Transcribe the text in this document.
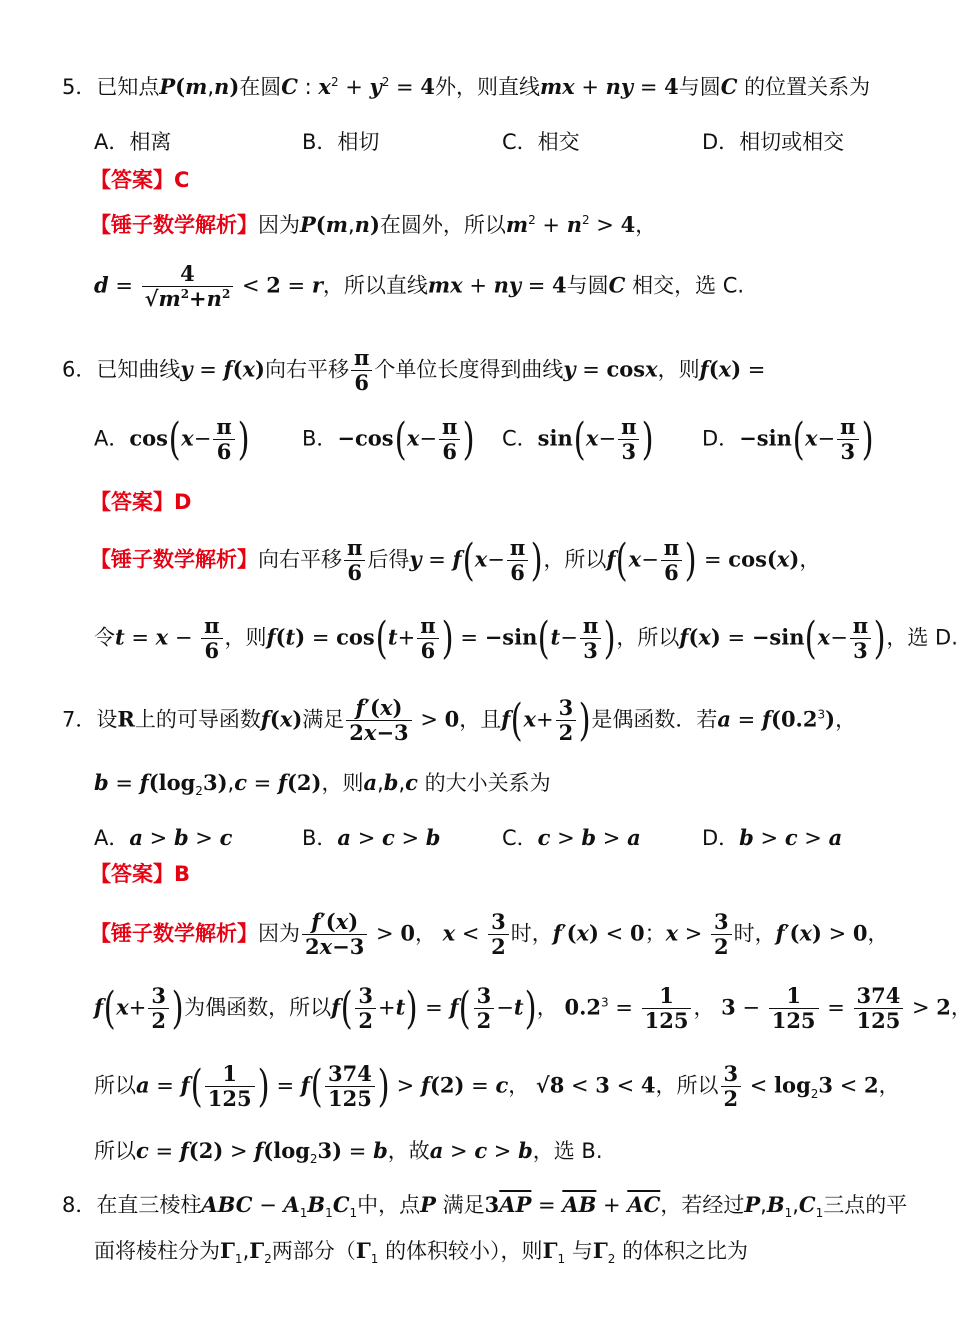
5．已知点P(m,n)在圆C : $x^2 + y^2 = 4$外，则直线mx + ny = 4与圆C 的位置关系为
A．相离	B．相切	C．相交	D．相切或相交
【答案】C
【锤子数学解析】因为P(m,n)在圆外，所以$m^2 + n^2 > 4$，
$d = \frac{4}{√m^2+n^2} < 2 = r$，所以直线mx + ny = 4与圆C 相交，选 C.
6．已知曲线y = f(x)向右平移 $\frac{\pi}{6}$ 个单位长度得到曲线y = cosx，则f(x) =
A．$\cos(x- \frac{\pi}{6}$ )	B．$-\cos(x- \frac{\pi}{6}$ ) C．$\sin(x- \frac{\pi}{3}$ ) D．$-\sin(x- \frac{\pi}{3}$ )
【答案】D
【锤子数学解析】向右平移 $\frac{\pi}{6}$ 后得$y = f(x- \frac{\pi}{6}$ )，所以$f(x- \frac{\pi}{6}$ ) = cos(x)，
令$t = x - \frac{\pi}{6}$ ，则$f(t) = \cos(t+ \frac{\pi}{6}$ ) = $-\sin(t- \frac{\pi}{3}$ )，所以$f(x) = -\sin(x- \frac{\pi}{3}$ )，选 D.
7．设R上的可导函数f(x)满足 $\frac{f'(x)}{2x-3} > 0$，且$f(x+ \frac{3}{2}$ )是偶函数．若$a = f(0.2^3)$，
$b = f(\log_23),c = f(2)$，则a,b,c 的大小关系为
A．a > b > c	B．a > c > b	C．c > b > a	D．b > c > a
【答案】B
【锤子数学解析】因为 $\frac{f'(x)}{2x-3} > 0$， $x < \frac{3}{2}$ 时，f′(x) < 0；$x > \frac{3}{2}$ 时，f′(x) > 0，
$f(x+ \frac{3}{2}$ )为偶函数，所以$f( \frac{3}{2} +t) = f( \frac{3}{2} -t)$， $0.2^3 = \frac{1}{125}$ ， $3 - \frac{1}{125} = \frac{374}{125} > 2$，
所以$a = f( \frac{1}{125}$ ) = $f( \frac{374}{125}$ ) > f(2) = c， √8 < 3 < 4，所以 $\frac{3}{2} < \log_23 < 2$，
所以$c = f(2) > f(\log_23) = b$，故a > c > b，选 B.
8．在直三棱柱ABC − $A_1B_1C_1$中，点P 满足$3\overline{AP} = \overline{AB} + \overline{AC}$，若经过$P,B_1,C_1$三点的平
面将棱柱分为$\Gamma_1,\Gamma_2$两部分（$\Gamma_1$ 的体积较小），则$\Gamma_1$ 与$\Gamma_2$ 的体积之比为
